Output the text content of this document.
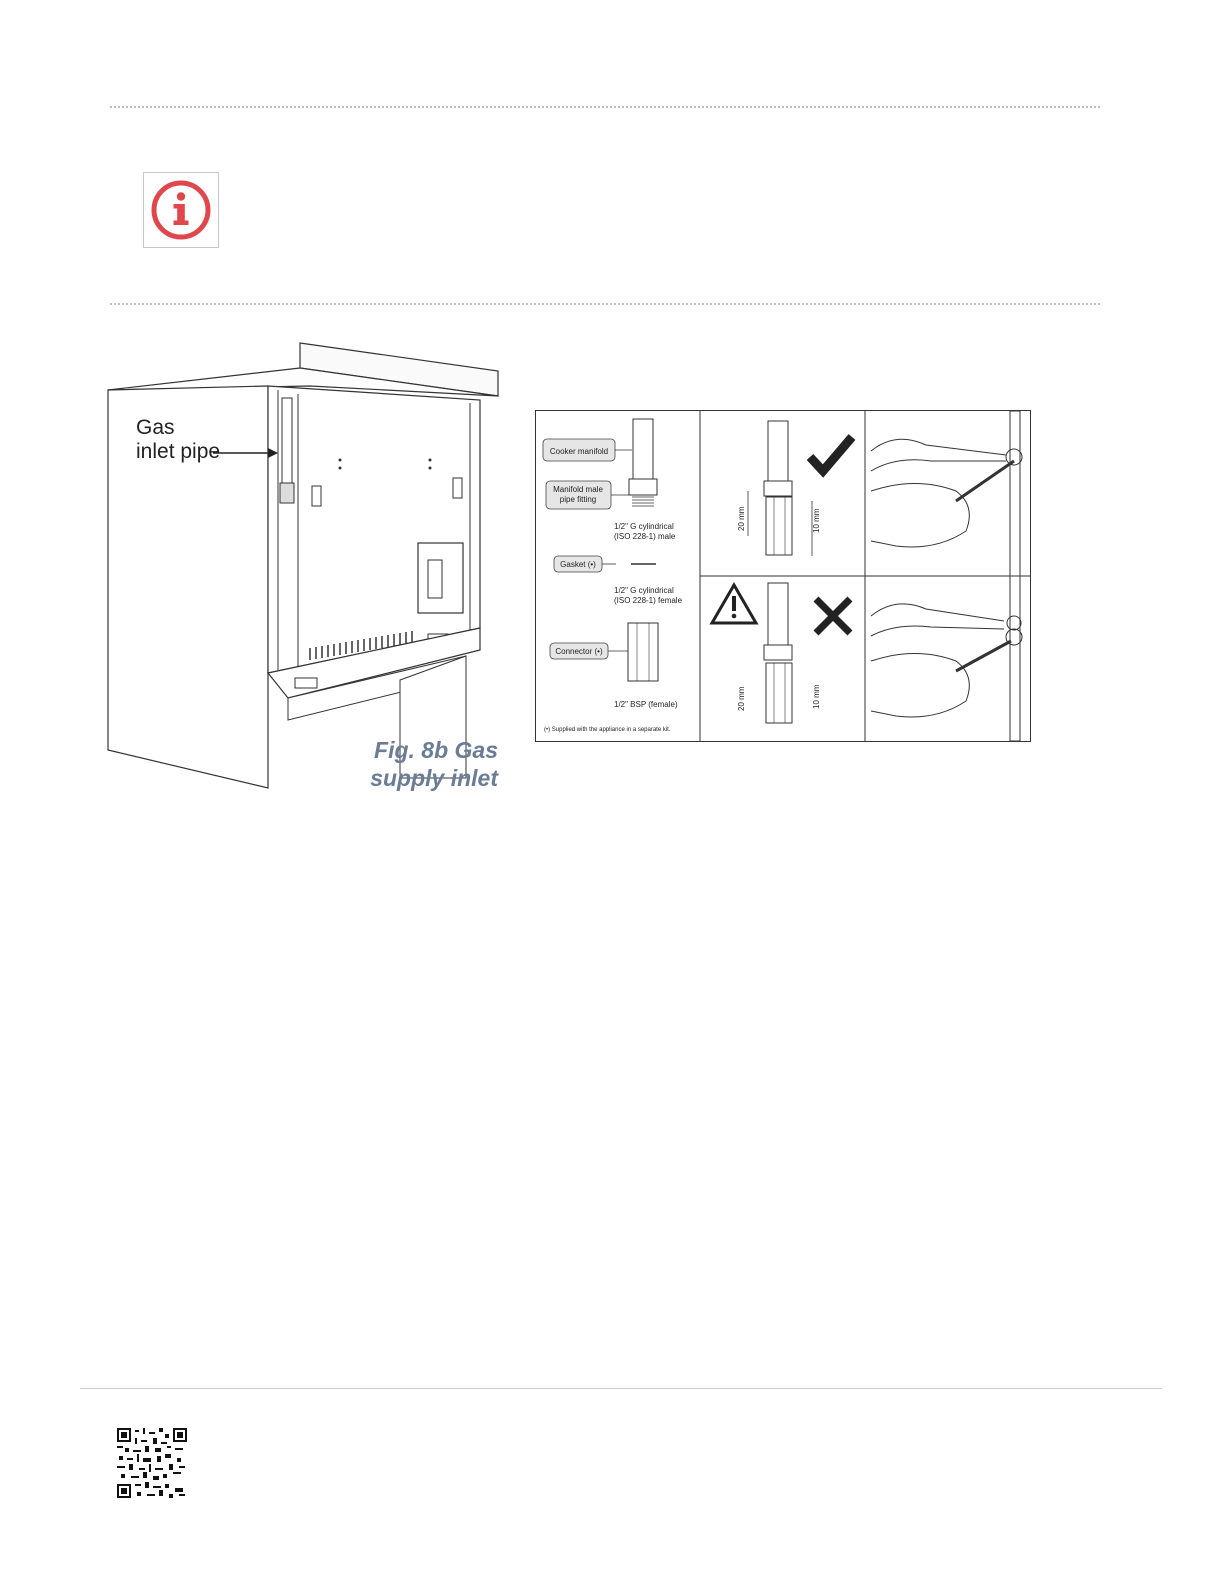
Gas
inlet pipe
Fig. 8b Gas
supply inlet
Cooker manifold
Manifold male
pipe fitting
1/2" G cylindrical
(ISO 228-1) male
Gasket (•)
1/2" G cylindrical
(ISO 228-1) female
Connector (•)
1/2" BSP (female)
(•) Supplied with the appliance in a separate kit.
20 mm	10 mm
20 mm	10 mm
